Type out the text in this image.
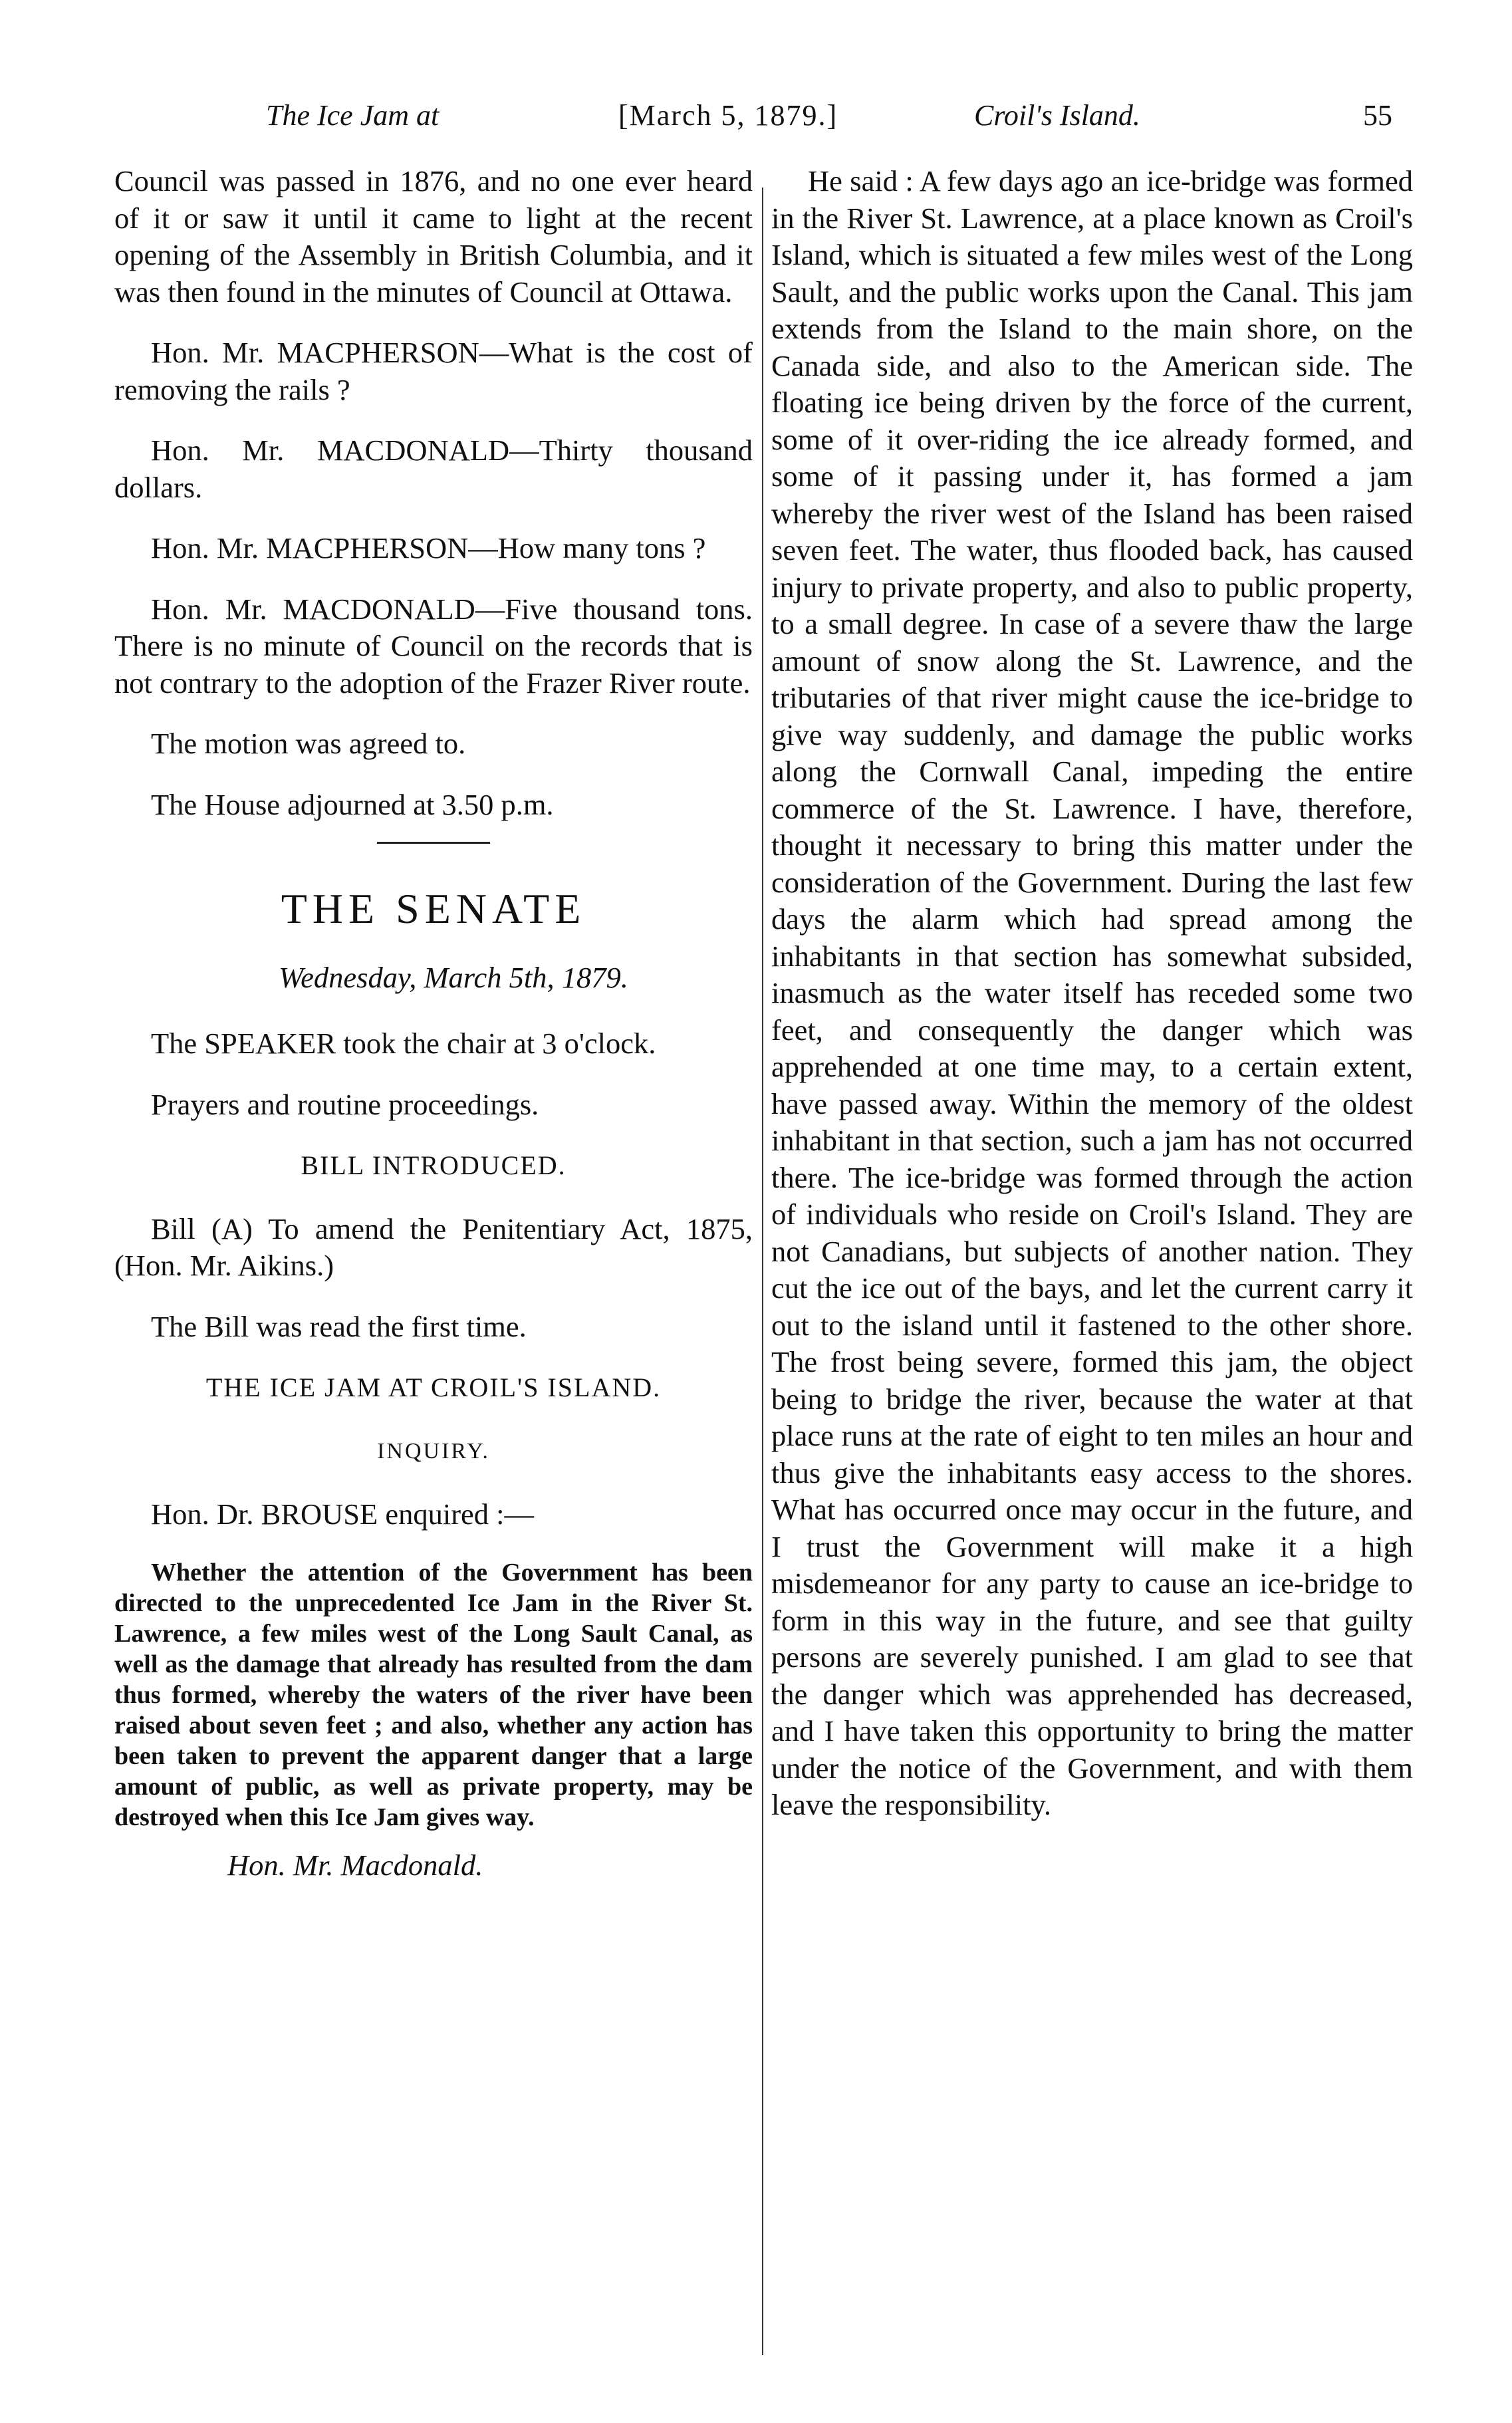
The Ice Jam at	[March 5, 1879.]	Croil's Island.	55

Council was passed in 1876, and no one ever heard of it or saw it until it came to light at the recent opening of the Assembly in British Columbia, and it was then found in the minutes of Council at Ottawa.

Hon. Mr. MACPHERSON—What is the cost of removing the rails ?

Hon. Mr. MACDONALD—Thirty thousand dollars.

Hon. Mr. MACPHERSON—How many tons ?

Hon. Mr. MACDONALD—Five thousand tons. There is no minute of Council on the records that is not contrary to the adoption of the Frazer River route.

The motion was agreed to.

The House adjourned at 3.50 p.m.

THE SENATE
Wednesday, March 5th, 1879.

The SPEAKER took the chair at 3 o'clock.

Prayers and routine proceedings.

BILL INTRODUCED.

Bill (A) To amend the Penitentiary Act, 1875, (Hon. Mr. Aikins.)

The Bill was read the first time.

THE ICE JAM AT CROIL'S ISLAND.
INQUIRY.

Hon. Dr. BROUSE enquired :—

Whether the attention of the Government has been directed to the unprecedented Ice Jam in the River St. Lawrence, a few miles west of the Long Sault Canal, as well as the damage that already has resulted from the dam thus formed, whereby the waters of the river have been raised about seven feet ; and also, whether any action has been taken to prevent the apparent danger that a large amount of public, as well as private property, may be destroyed when this Ice Jam gives way.

Hon. Mr. Macdonald.

He said : A few days ago an ice-bridge was formed in the River St. Lawrence, at a place known as Croil's Island, which is situated a few miles west of the Long Sault, and the public works upon the Canal. This jam extends from the Island to the main shore, on the Canada side, and also to the American side. The floating ice being driven by the force of the current, some of it over-riding the ice already formed, and some of it passing under it, has formed a jam whereby the river west of the Island has been raised seven feet. The water, thus flooded back, has caused injury to private property, and also to public property, to a small degree. In case of a severe thaw the large amount of snow along the St. Lawrence, and the tributaries of that river might cause the ice-bridge to give way suddenly, and damage the public works along the Cornwall Canal, impeding the entire commerce of the St. Lawrence. I have, therefore, thought it necessary to bring this matter under the consideration of the Government. During the last few days the alarm which had spread among the inhabitants in that section has somewhat subsided, inasmuch as the water itself has receded some two feet, and consequently the danger which was apprehended at one time may, to a certain extent, have passed away. Within the memory of the oldest inhabitant in that section, such a jam has not occurred there. The ice-bridge was formed through the action of individuals who reside on Croil's Island. They are not Canadians, but subjects of another nation. They cut the ice out of the bays, and let the current carry it out to the island until it fastened to the other shore. The frost being severe, formed this jam, the object being to bridge the river, because the water at that place runs at the rate of eight to ten miles an hour and thus give the inhabitants easy access to the shores. What has occurred once may occur in the future, and I trust the Government will make it a high misdemeanor for any party to cause an ice-bridge to form in this way in the future, and see that guilty persons are severely punished. I am glad to see that the danger which was apprehended has decreased, and I have taken this opportunity to bring the matter under the notice of the Government, and with them leave the responsibility.
